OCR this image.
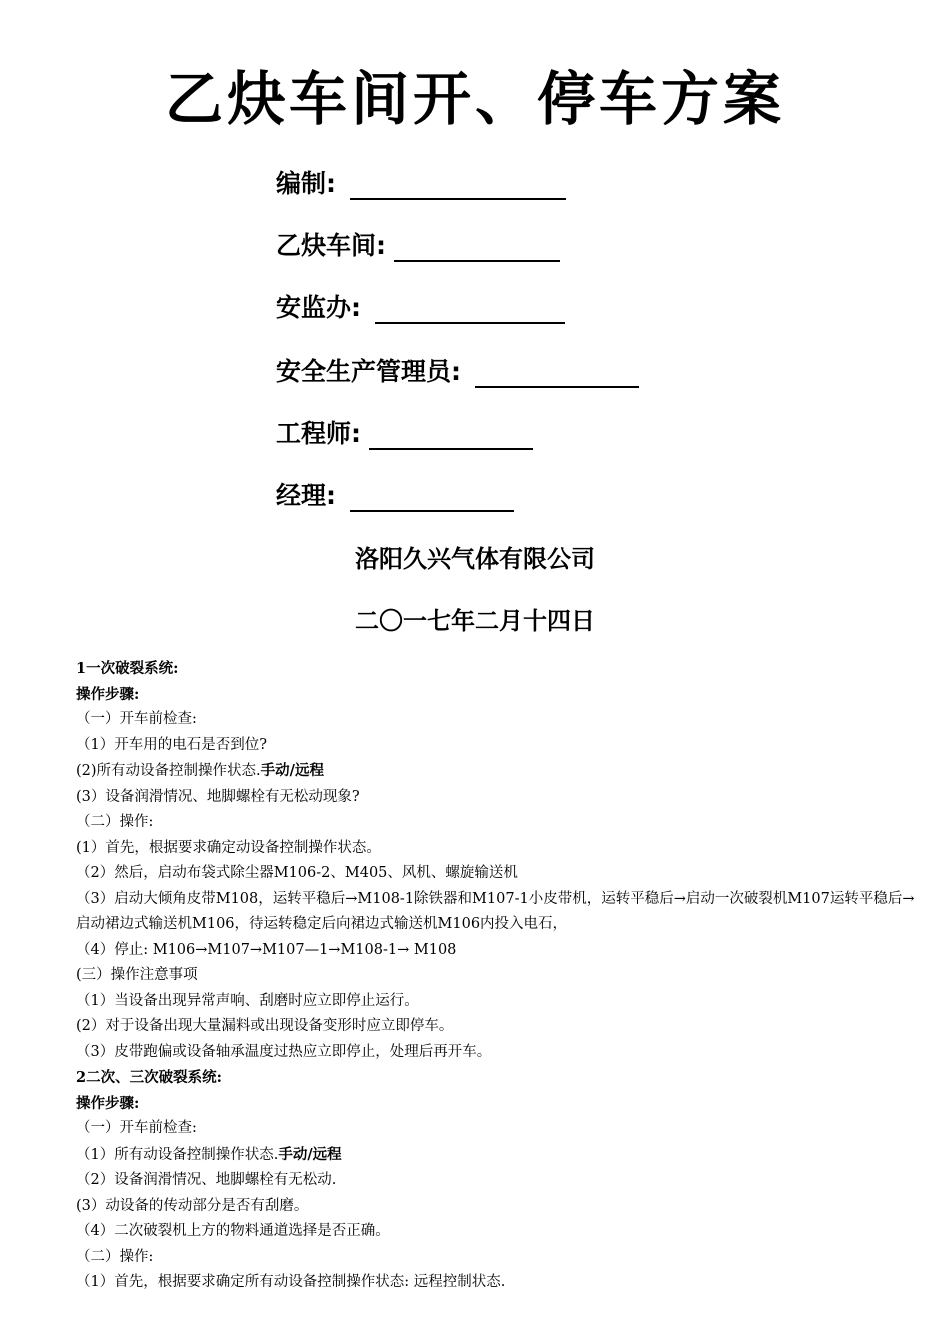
乙炔车间开、停车方案
编制:
乙炔车间:
安监办:
安全生产管理员:
工程师:
经理:
洛阳久兴气体有限公司
二〇一七年二月十四日

1一次破裂系统:

操作步骤:

（一）开车前检查:

（1）开车用的电石是否到位?

(2)所有动设备控制操作状态.手动/远程

(3）设备润滑情况、地脚螺栓有无松动现象?

（二）操作:

(1）首先，根据要求确定动设备控制操作状态。

（2）然后，启动布袋式除尘器M106-2、M405、风机、螺旋输送机

（3）启动大倾角皮带M108，运转平稳后→M108-1除铁器和M107-1小皮带机，运转平稳后→启动一次破裂机M107运转平稳后→启动裙边式输送机M106，待运转稳定后向裙边式输送机M106内投入电石，

（4）停止: M106→M107→M107—1→M108-1→ M108

(三）操作注意事项

（1）当设备出现异常声响、刮磨时应立即停止运行。

(2）对于设备出现大量漏料或出现设备变形时应立即停车。

（3）皮带跑偏或设备轴承温度过热应立即停止，处理后再开车。

2二次、三次破裂系统:

操作步骤:

（一）开车前检查:

（1）所有动设备控制操作状态.手动/远程

（2）设备润滑情况、地脚螺栓有无松动.

(3）动设备的传动部分是否有刮磨。

（4）二次破裂机上方的物料通道选择是否正确。

（二）操作:

（1）首先，根据要求确定所有动设备控制操作状态: 远程控制状态.
